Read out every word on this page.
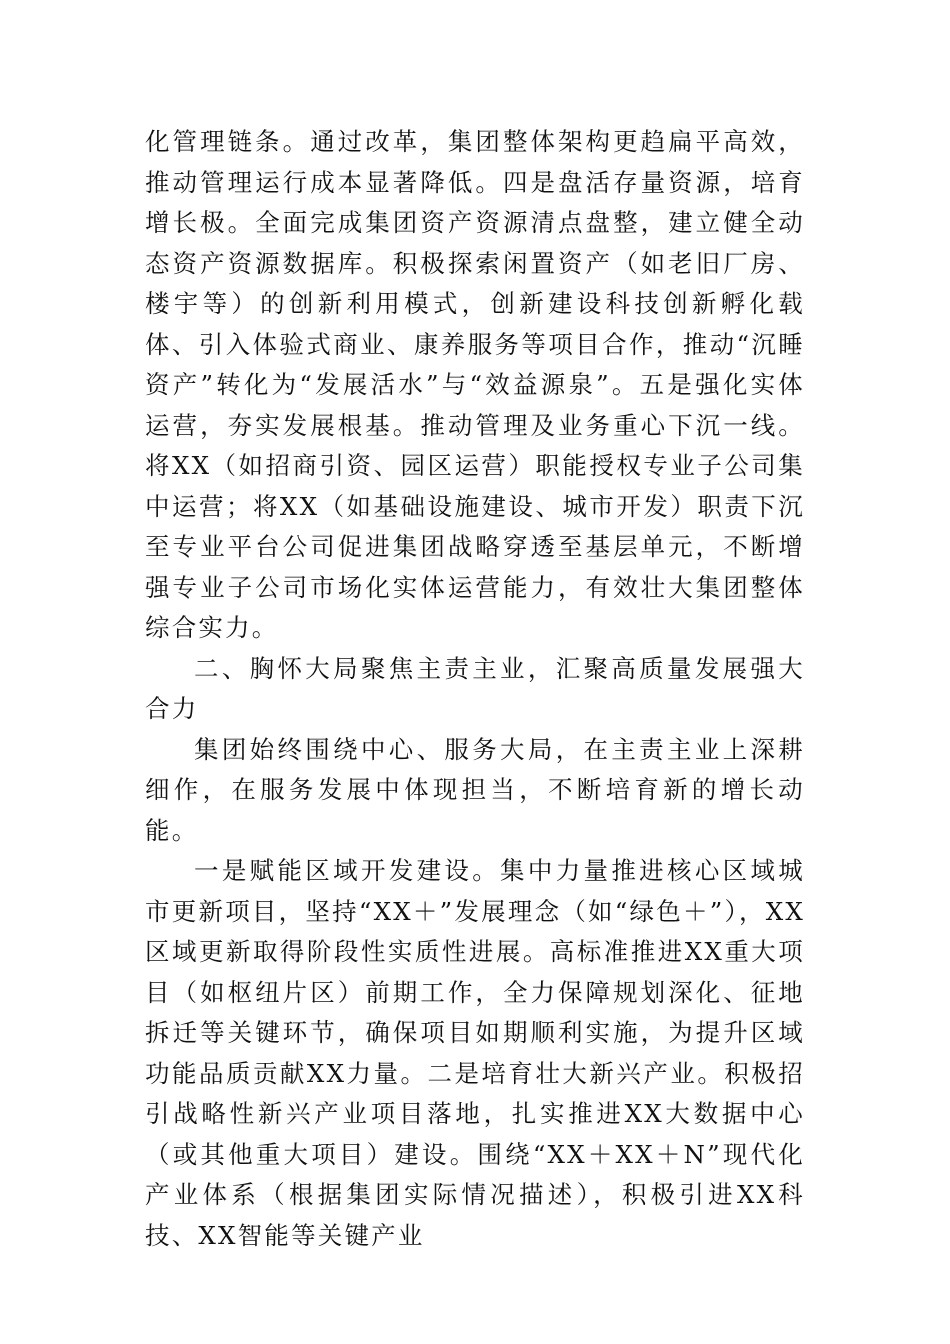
化管理链条。通过改革，集团整体架构更趋扁平高效，推动管理运行成本显著降低。四是盘活存量资源，培育增长极。全面完成集团资产资源清点盘整，建立健全动态资产资源数据库。积极探索闲置资产（如老旧厂房、楼宇等）的创新利用模式，创新建设科技创新孵化载体、引入体验式商业、康养服务等项目合作，推动“沉睡资产”转化为“发展活水”与“效益源泉”。五是强化实体运营，夯实发展根基。推动管理及业务重心下沉一线。将XX（如招商引资、园区运营）职能授权专业子公司集中运营；将XX（如基础设施建设、城市开发）职责下沉至专业平台公司促进集团战略穿透至基层单元，不断增强专业子公司市场化实体运营能力，有效壮大集团整体综合实力。

二、胸怀大局聚焦主责主业，汇聚高质量发展强大合力

集团始终围绕中心、服务大局，在主责主业上深耕细作，在服务发展中体现担当，不断培育新的增长动能。

一是赋能区域开发建设。集中力量推进核心区域城市更新项目，坚持“XX＋”发展理念（如“绿色＋”），XX区域更新取得阶段性实质性进展。高标准推进XX重大项目（如枢纽片区）前期工作，全力保障规划深化、征地拆迁等关键环节，确保项目如期顺利实施，为提升区域功能品质贡献XX力量。二是培育壮大新兴产业。积极招引战略性新兴产业项目落地，扎实推进XX大数据中心（或其他重大项目）建设。围绕“XX＋XX＋N”现代化产业体系（根据集团实际情况描述），积极引进XX科技、XX智能等关键产业
